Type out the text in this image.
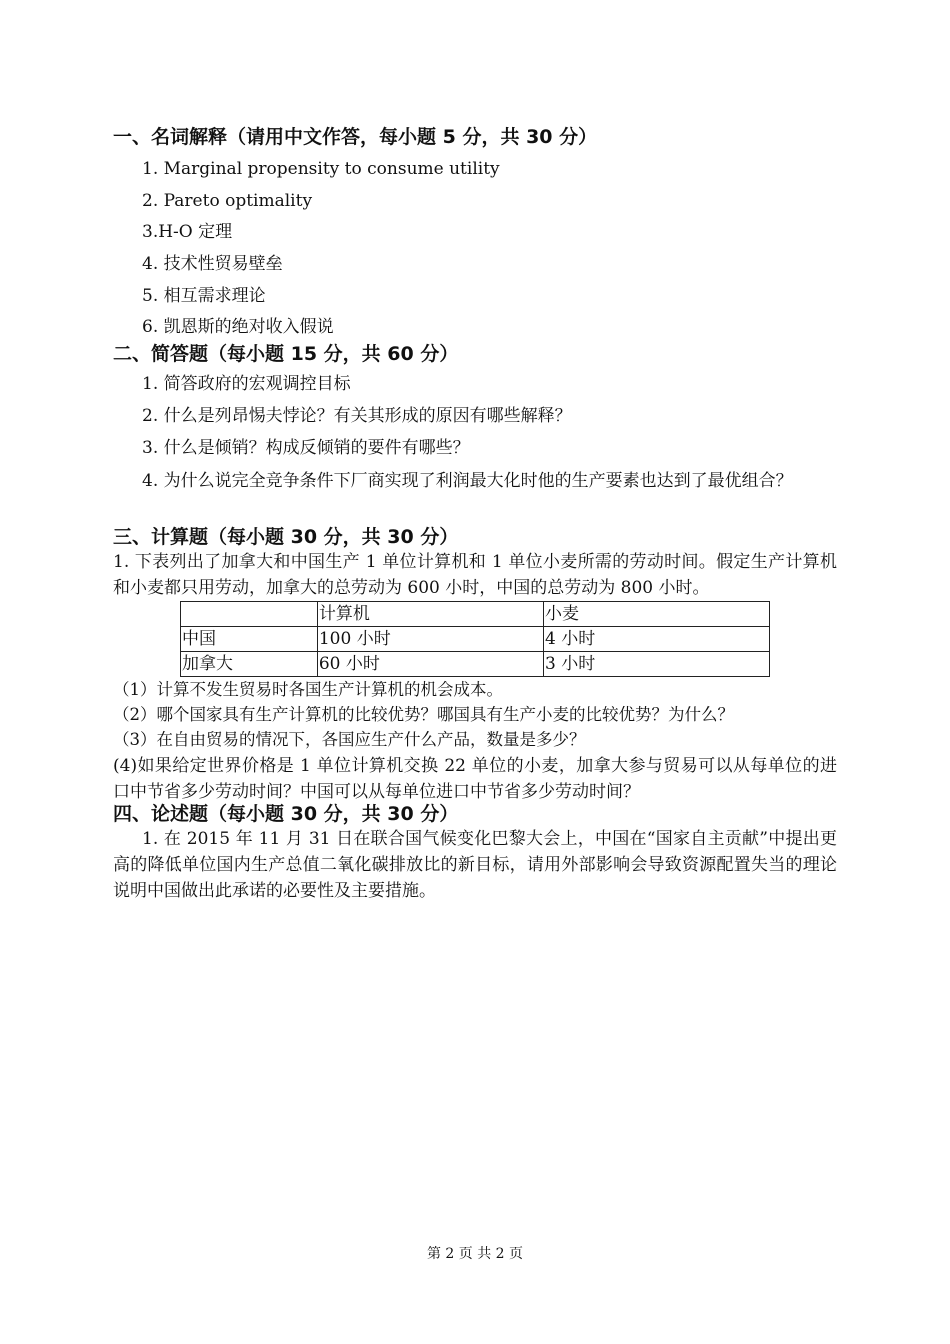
一、名词解释（请用中文作答，每小题 5 分，共 30 分）
1. Marginal propensity to consume utility
2. Pareto optimality
3.H-O 定理
4. 技术性贸易壁垒
5. 相互需求理论
6. 凯恩斯的绝对收入假说
二、简答题（每小题 15 分，共 60 分）
1. 简答政府的宏观调控目标
2. 什么是列昂惕夫悖论？有关其形成的原因有哪些解释？
3. 什么是倾销？构成反倾销的要件有哪些？
4. 为什么说完全竞争条件下厂商实现了利润最大化时他的生产要素也达到了最优组合？
三、计算题（每小题 30 分，共 30 分）
1. 下表列出了加拿大和中国生产 1 单位计算机和 1 单位小麦所需的劳动时间。假定生产计算机和小麦都只用劳动，加拿大的总劳动为 600 小时，中国的总劳动为 800 小时。
	计算机	小麦
中国	100 小时	4 小时
加拿大	60 小时	3 小时
（1）计算不发生贸易时各国生产计算机的机会成本。
（2）哪个国家具有生产计算机的比较优势？哪国具有生产小麦的比较优势？为什么？
（3）在自由贸易的情况下，各国应生产什么产品，数量是多少？
(4)如果给定世界价格是 1 单位计算机交换 22 单位的小麦，加拿大参与贸易可以从每单位的进口中节省多少劳动时间？中国可以从每单位进口中节省多少劳动时间？
四、论述题（每小题 30 分，共 30 分）
1. 在 2015 年 11 月 31 日在联合国气候变化巴黎大会上，中国在“国家自主贡献”中提出更高的降低单位国内生产总值二氧化碳排放比的新目标，请用外部影响会导致资源配置失当的理论说明中国做出此承诺的必要性及主要措施。
第 2 页 共 2 页
